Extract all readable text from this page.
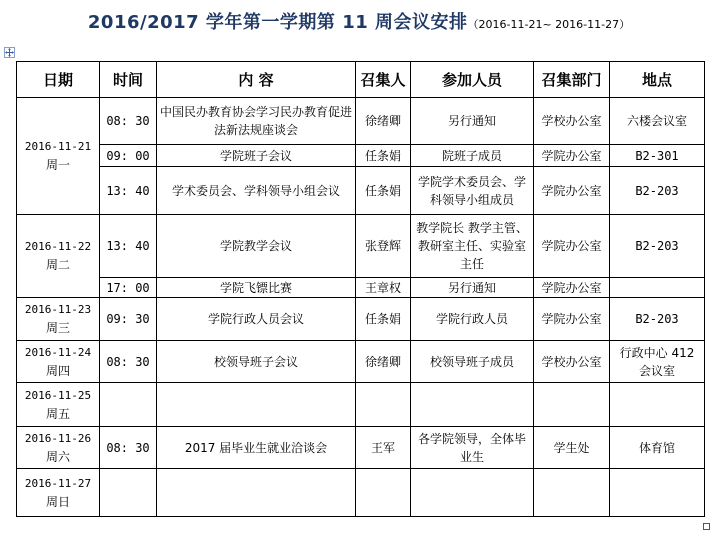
2016/2017 学年第一学期第 11 周会议安排（2016-11-21~ 2016-11-27）
日期	时间	内 容	召集人	参加人员	召集部门	地点

2016-11-21
周一	08: 30	中国民办教育协会学习民办教育促进法新法规座谈会	徐绪卿	另行通知	学校办公室	六楼会议室
	09: 00	学院班子会议	任条娟	院班子成员	学院办公室	B2-301
	13: 40	学术委员会、学科领导小组会议	任条娟	学院学术委员会、学科领导小组成员	学院办公室	B2-203

2016-11-22
周二	13: 40	学院教学会议	张登辉	教学院长 教学主管、教研室主任、实验室主任	学院办公室	B2-203
	17: 00	学院飞镖比赛	王章权	另行通知	学院办公室	

2016-11-23
周三	09: 30	学院行政人员会议	任条娟	学院行政人员	学院办公室	B2-203

2016-11-24
周四	08: 30	校领导班子会议	徐绪卿	校领导班子成员	学校办公室	行政中心 412 会议室

2016-11-25
周五						

2016-11-26
周六	08: 30	2017 届毕业生就业洽谈会	王军	各学院领导，全体毕业生	学生处	体育馆

2016-11-27
周日						
